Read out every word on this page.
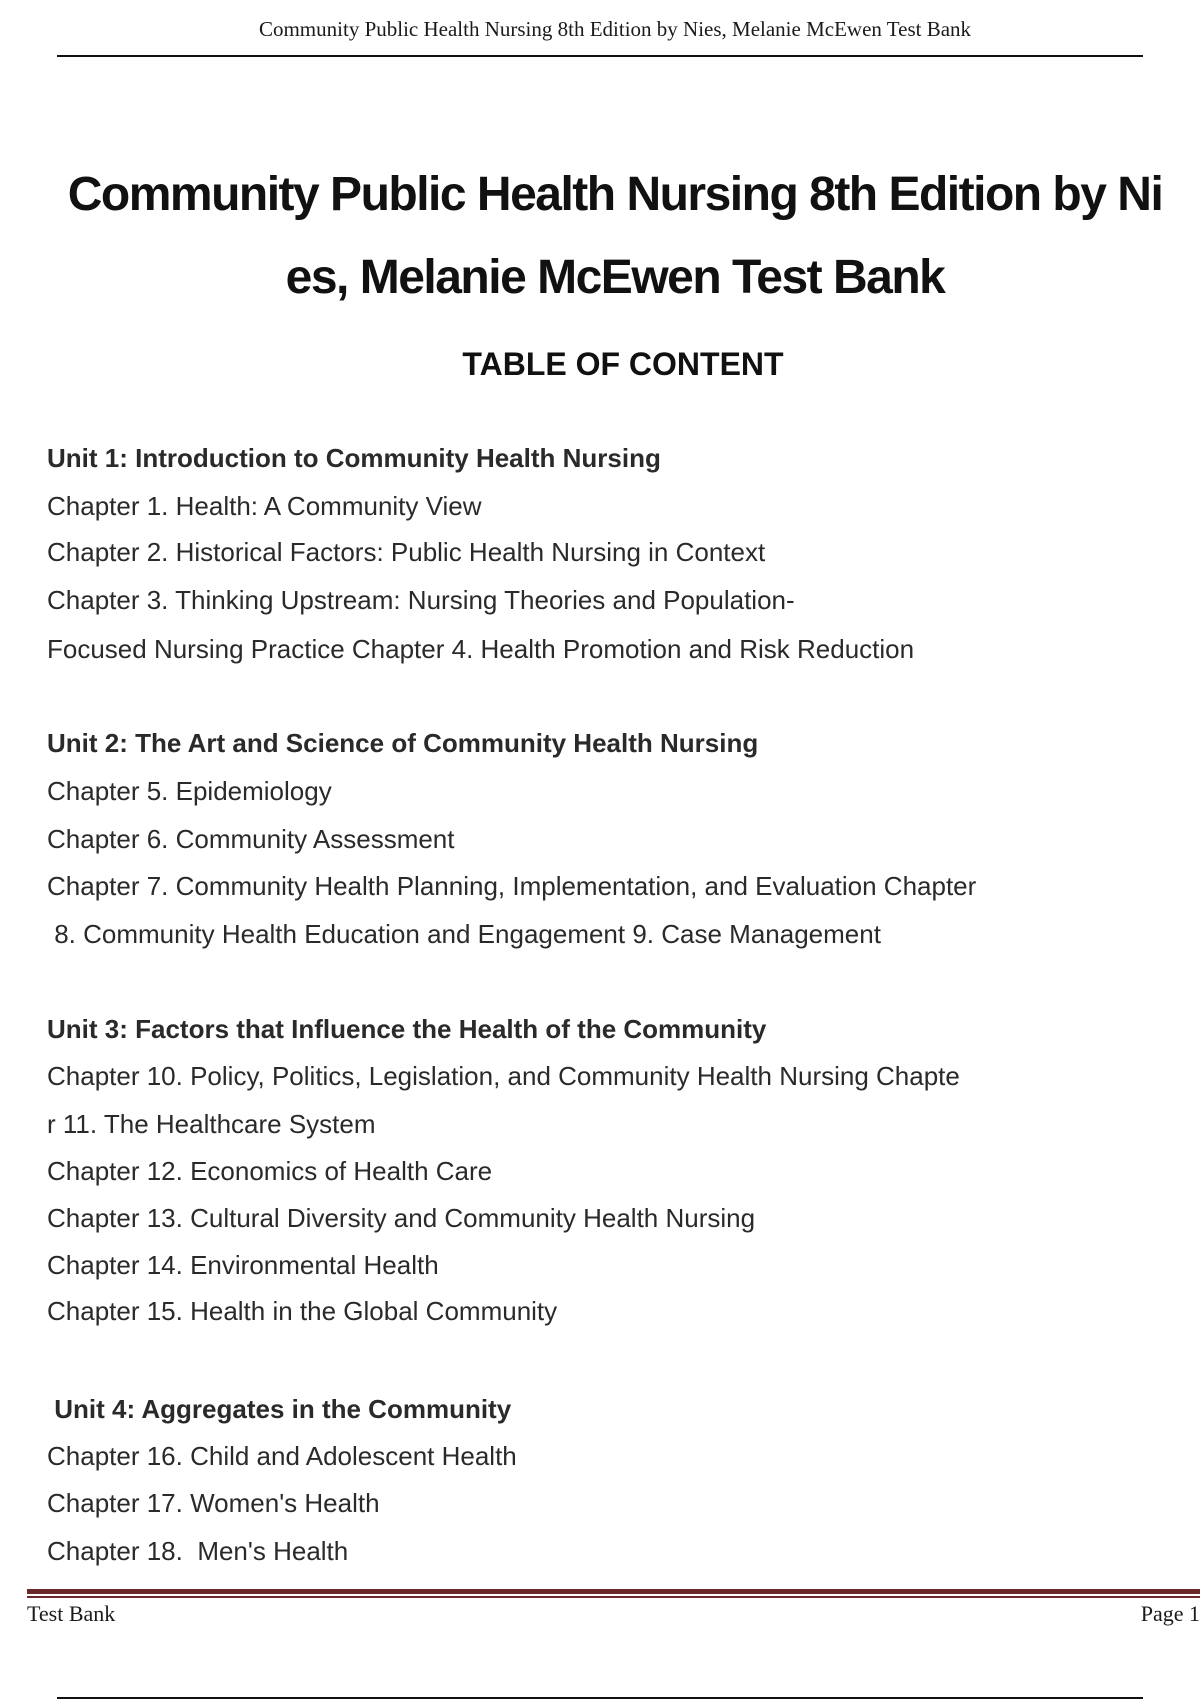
Community Public Health Nursing 8th Edition by Nies, Melanie McEwen Test Bank
Community Public Health Nursing 8th Edition by Ni
es, Melanie McEwen Test Bank
TABLE OF CONTENT
Unit 1: Introduction to Community Health Nursing
Chapter 1. Health: A Community View
Chapter 2. Historical Factors: Public Health Nursing in Context
Chapter 3. Thinking Upstream: Nursing Theories and Population-
Focused Nursing Practice Chapter 4. Health Promotion and Risk Reduction
Unit 2: The Art and Science of Community Health Nursing
Chapter 5. Epidemiology
Chapter 6. Community Assessment
Chapter 7. Community Health Planning, Implementation, and Evaluation Chapter
8. Community Health Education and Engagement 9. Case Management
Unit 3: Factors that Influence the Health of the Community
Chapter 10. Policy, Politics, Legislation, and Community Health Nursing Chapte
r 11. The Healthcare System
Chapter 12. Economics of Health Care
Chapter 13. Cultural Diversity and Community Health Nursing
Chapter 14. Environmental Health
Chapter 15. Health in the Global Community
Unit 4: Aggregates in the Community
Chapter 16. Child and Adolescent Health
Chapter 17. Women's Health
Chapter 18.  Men's Health
Test Bank	Page 1
